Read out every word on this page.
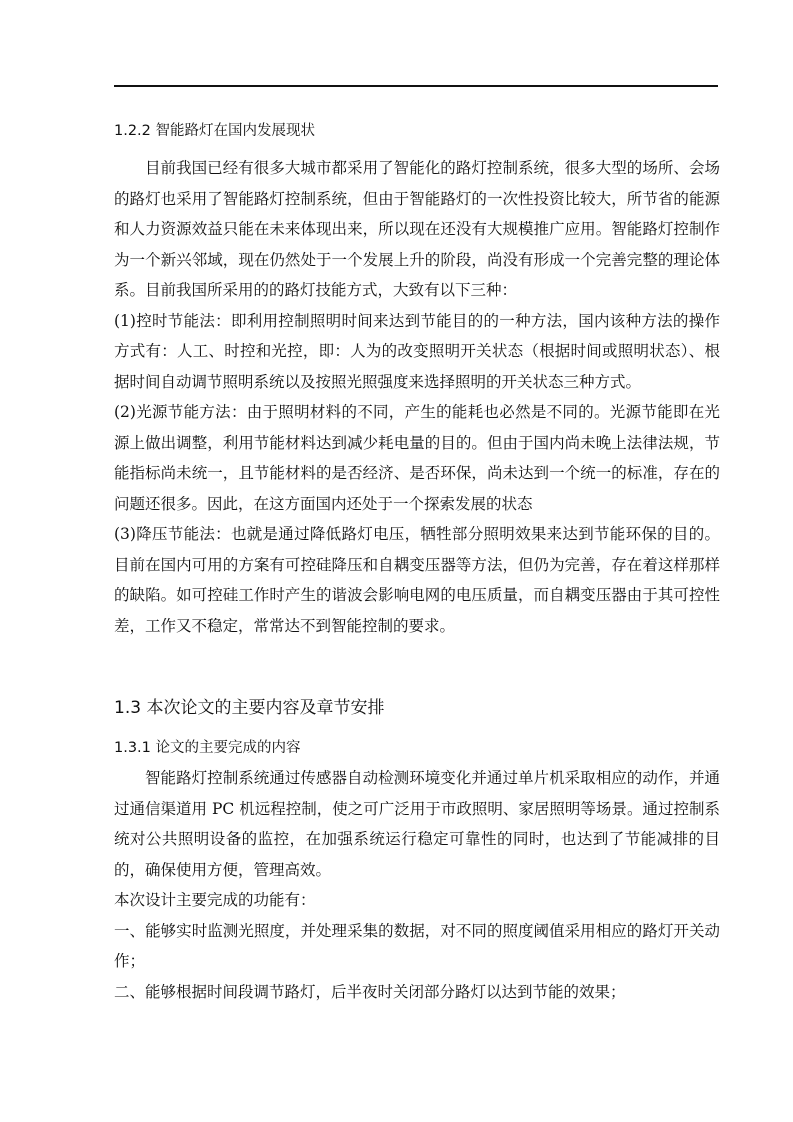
1.2.2 智能路灯在国内发展现状

目前我国已经有很多大城市都采用了智能化的路灯控制系统，很多大型的场所、会场的路灯也采用了智能路灯控制系统，但由于智能路灯的一次性投资比较大，所节省的能源和人力资源效益只能在未来体现出来，所以现在还没有大规模推广应用。智能路灯控制作为一个新兴邻域，现在仍然处于一个发展上升的阶段，尚没有形成一个完善完整的理论体系。目前我国所采用的的路灯技能方式，大致有以下三种：

(1)控时节能法：即利用控制照明时间来达到节能目的的一种方法，国内该种方法的操作方式有：人工、时控和光控，即：人为的改变照明开关状态（根据时间或照明状态）、根据时间自动调节照明系统以及按照光照强度来选择照明的开关状态三种方式。

(2)光源节能方法：由于照明材料的不同，产生的能耗也必然是不同的。光源节能即在光源上做出调整，利用节能材料达到减少耗电量的目的。但由于国内尚未晚上法律法规，节能指标尚未统一，且节能材料的是否经济、是否环保，尚未达到一个统一的标准，存在的问题还很多。因此，在这方面国内还处于一个探索发展的状态

(3)降压节能法：也就是通过降低路灯电压，牺牲部分照明效果来达到节能环保的目的。目前在国内可用的方案有可控硅降压和自耦变压器等方法，但仍为完善，存在着这样那样的缺陷。如可控硅工作时产生的谐波会影响电网的电压质量，而自耦变压器由于其可控性差，工作又不稳定，常常达不到智能控制的要求。

1.3 本次论文的主要内容及章节安排
1.3.1 论文的主要完成的内容

智能路灯控制系统通过传感器自动检测环境变化并通过单片机采取相应的动作，并通过通信渠道用 PC 机远程控制，使之可广泛用于市政照明、家居照明等场景。通过控制系统对公共照明设备的监控，在加强系统运行稳定可靠性的同时，也达到了节能减排的目的，确保使用方便，管理高效。

本次设计主要完成的功能有：

一、能够实时监测光照度，并处理采集的数据，对不同的照度阈值采用相应的路灯开关动作；

二、能够根据时间段调节路灯，后半夜时关闭部分路灯以达到节能的效果；
